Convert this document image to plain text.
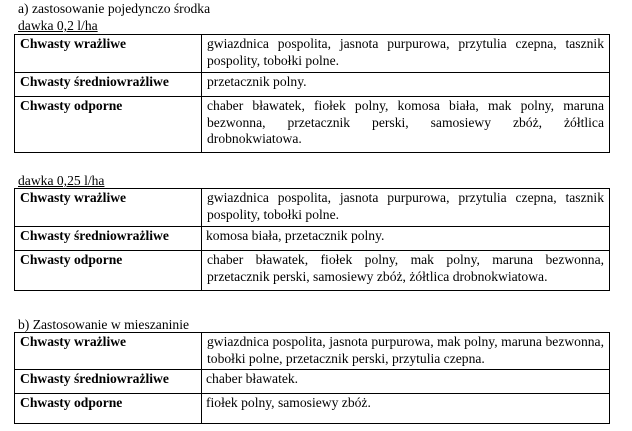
a) zastosowanie pojedynczo środka
dawka 0,2 l/ha
Chwasty wrażliwe	gwiazdnica pospolita, jasnota purpurowa, przytulia czepna, tasznik pospolity, tobołki polne.
Chwasty średniowrażliwe	przetacznik polny.
Chwasty odporne	chaber bławatek, fiołek polny, komosa biała, mak polny, maruna bezwonna, przetacznik perski, samosiewy zbóż, żółtlica drobnokwiatowa.
dawka 0,25 l/ha
Chwasty wrażliwe	gwiazdnica pospolita, jasnota purpurowa, przytulia czepna, tasznik pospolity, tobołki polne.
Chwasty średniowrażliwe	komosa biała, przetacznik polny.
Chwasty odporne	chaber bławatek, fiołek polny, mak polny, maruna bezwonna, przetacznik perski, samosiewy zbóż, żółtlica drobnokwiatowa.
b) Zastosowanie w mieszaninie
Chwasty wrażliwe	gwiazdnica pospolita, jasnota purpurowa, mak polny, maruna bezwonna, tobołki polne, przetacznik perski, przytulia czepna.
Chwasty średniowrażliwe	chaber bławatek.
Chwasty odporne	fiołek polny, samosiewy zbóż.
